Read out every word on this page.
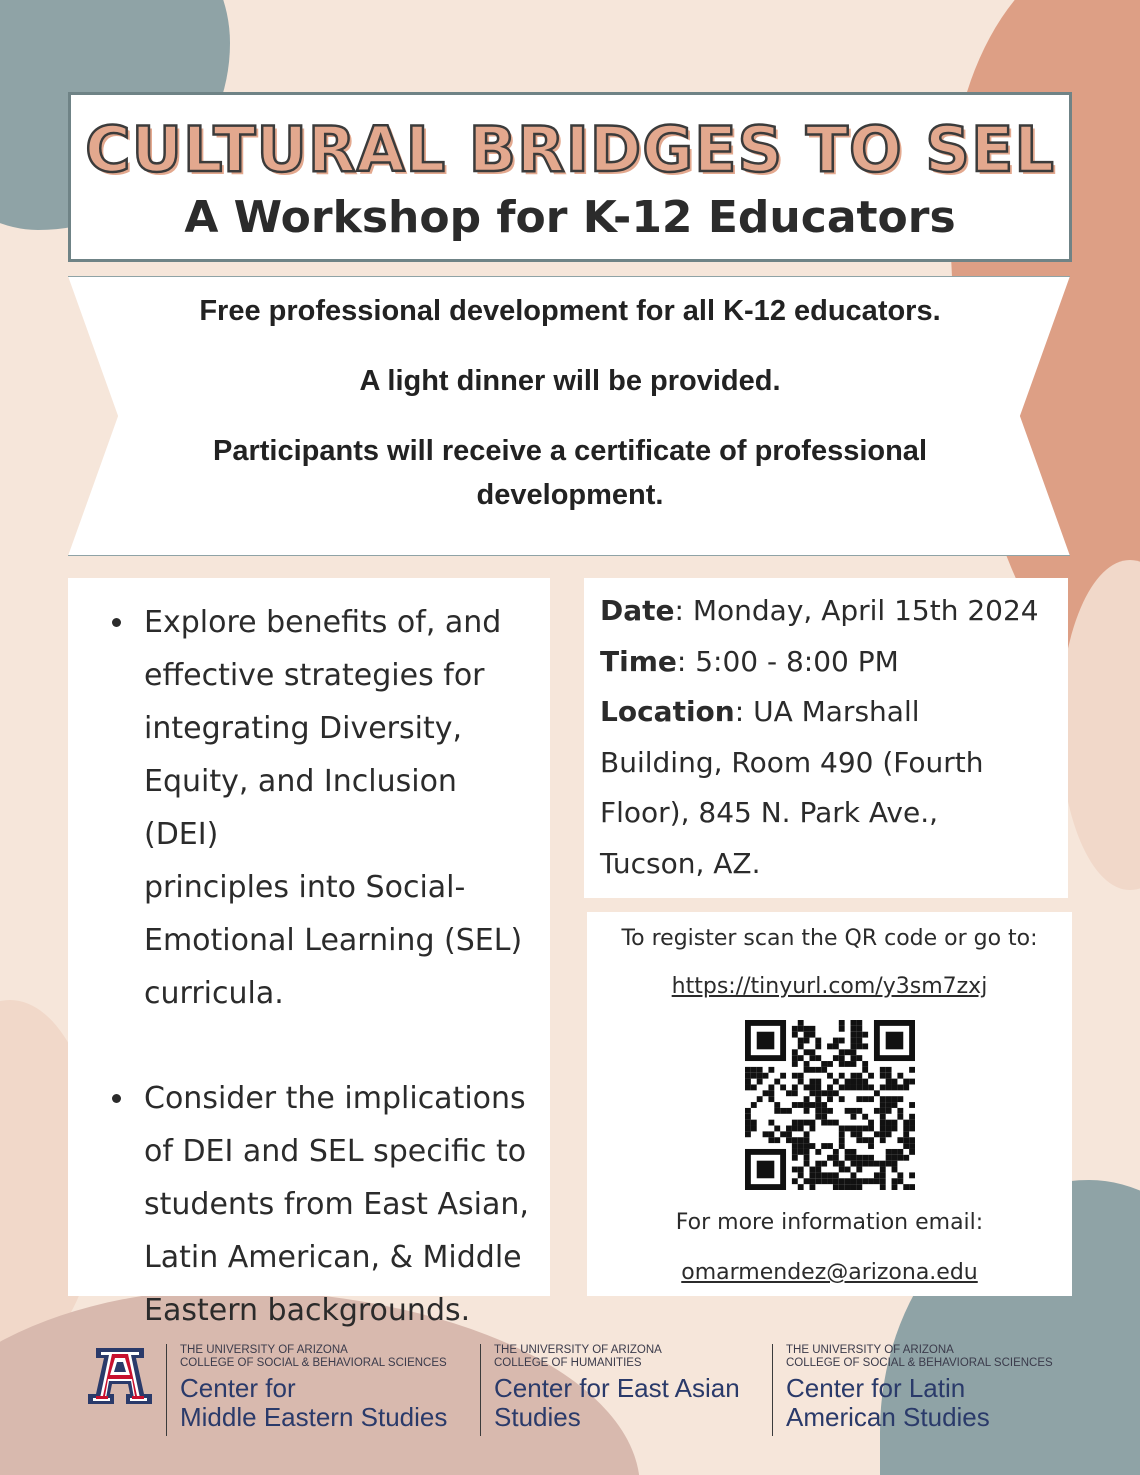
CULTURAL BRIDGES TO SEL
A Workshop for K-12 Educators
Free professional development for all K-12 educators.
A light dinner will be provided.
Participants will receive a certificate of professional
development.
Explore benefits of, and
effective strategies for
integrating Diversity,
Equity, and Inclusion (DEI)
principles into Social-
Emotional Learning (SEL)
curricula.
Consider the implications
of DEI and SEL specific to
students from East Asian,
Latin American, & Middle
Eastern backgrounds.
Date: Monday, April 15th 2024
Time: 5:00 - 8:00 PM
Location: UA Marshall
Building, Room 490 (Fourth
Floor), 845 N. Park Ave.,
Tucson, AZ.
To register scan the QR code or go to:
https://tinyurl.com/y3sm7zxj
For more information email:
omarmendez@arizona.edu
THE UNIVERSITY OF ARIZONA
COLLEGE OF SOCIAL & BEHAVIORAL SCIENCES
Center for
Middle Eastern Studies
THE UNIVERSITY OF ARIZONA
COLLEGE OF HUMANITIES
Center for East Asian
Studies
THE UNIVERSITY OF ARIZONA
COLLEGE OF SOCIAL & BEHAVIORAL SCIENCES
Center for Latin
American Studies
